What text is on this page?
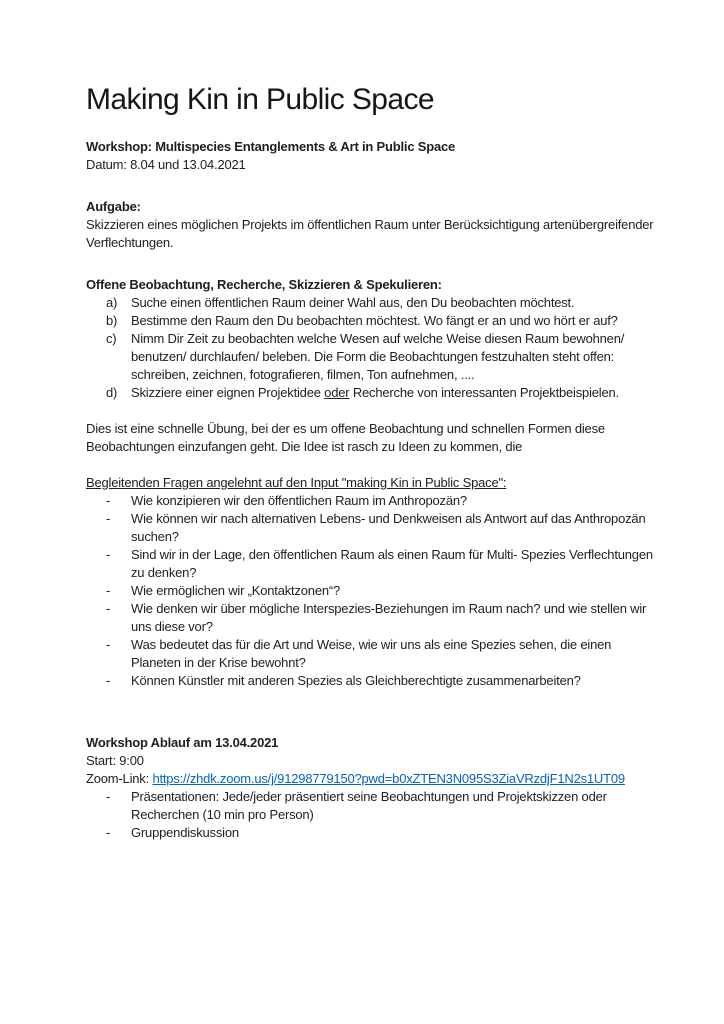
Making Kin in Public Space

Workshop: Multispecies Entanglements & Art in Public Space

Datum: 8.04 und 13.04.2021

Aufgabe:

Skizzieren eines möglichen Projekts im öffentlichen Raum unter Berücksichtigung artenübergreifender Verflechtungen.

Offene Beobachtung, Recherche, Skizzieren & Spekulieren:

a)	Suche einen öffentlichen Raum deiner Wahl aus, den Du beobachten möchtest.
b)	Bestimme den Raum den Du beobachten möchtest. Wo fängt er an und wo hört er auf?
c)	Nimm Dir Zeit zu beobachten welche Wesen auf welche Weise diesen Raum bewohnen/ benutzen/ durchlaufen/ beleben. Die Form die Beobachtungen festzuhalten steht offen: schreiben, zeichnen, fotografieren, filmen, Ton aufnehmen, ....
d)	Skizziere einer eignen Projektidee oder Recherche von interessanten Projektbeispielen.

Dies ist eine schnelle Übung, bei der es um offene Beobachtung und schnellen Formen diese Beobachtungen einzufangen geht. Die Idee ist rasch zu Ideen zu kommen, die

Begleitenden Fragen angelehnt auf den Input "making Kin in Public Space":

-	Wie konzipieren wir den öffentlichen Raum im Anthropozän?
-	Wie können wir nach alternativen Lebens- und Denkweisen als Antwort auf das Anthropozän suchen?
-	Sind wir in der Lage, den öffentlichen Raum als einen Raum für Multi- Spezies Verflechtungen zu denken?
-	Wie ermöglichen wir „Kontaktzonen“?
-	Wie denken wir über mögliche Interspezies-Beziehungen im Raum nach? und wie stellen wir uns diese vor?
-	Was bedeutet das für die Art und Weise, wie wir uns als eine Spezies sehen, die einen Planeten in der Krise bewohnt?
-	Können Künstler mit anderen Spezies als Gleichberechtigte zusammenarbeiten?

Workshop Ablauf am 13.04.2021

Start: 9:00

Zoom-Link: https://zhdk.zoom.us/j/91298779150?pwd=b0xZTEN3N095S3ZiaVRzdjF1N2s1UT09

-	Präsentationen: Jede/jeder präsentiert seine Beobachtungen und Projektskizzen oder Recherchen (10 min pro Person)
-	Gruppendiskussion
